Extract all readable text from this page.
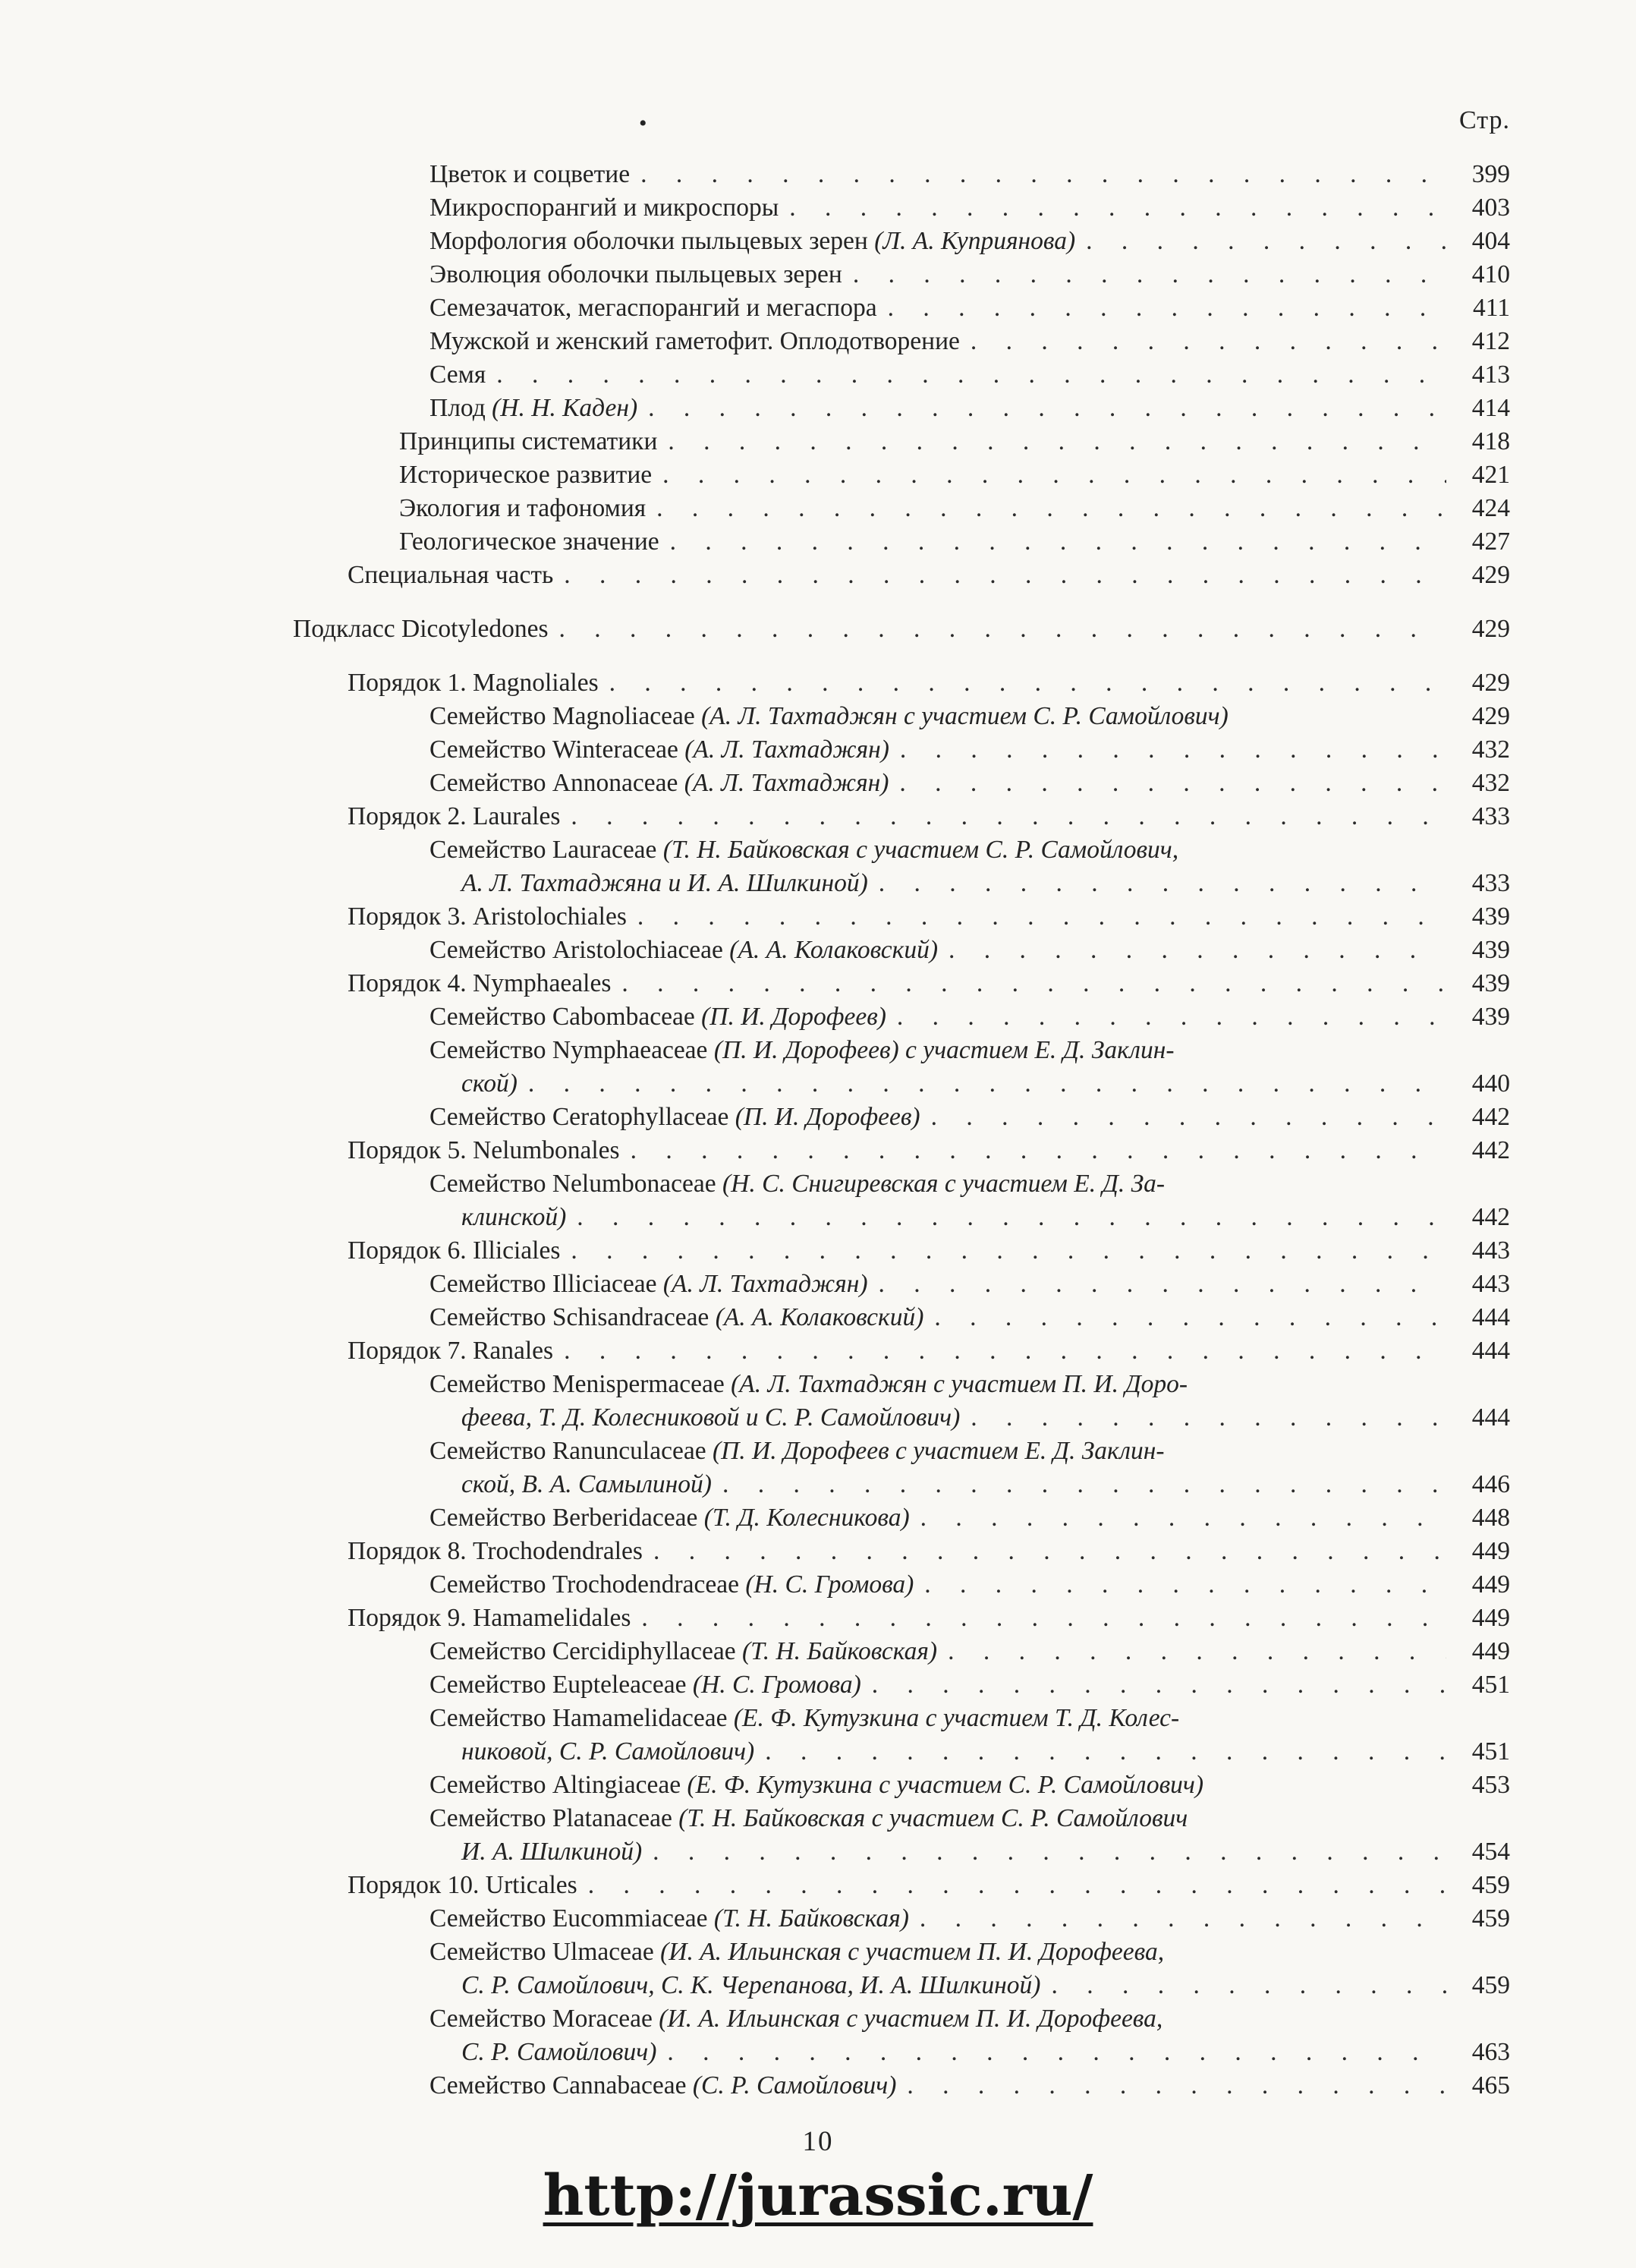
•	Стр.
Цветок и соцветие . . .	399
Микроспорангий и микроспоры . . .	403
Морфология оболочки пыльцевых зерен (Л. А. Куприянова) . . .	404
Эволюция оболочки пыльцевых зерен . . .	410
Семезачаток, мегаспорангий и мегаспора . . .	411
Мужской и женский гаметофит. Оплодотворение . . .	412
Семя . . .	413
Плод (Н. Н. Каден) . . .	414
Принципы систематики . . .	418
Историческое развитие . . .	421
Экология и тафономия . . .	424
Геологическое значение . . .	427
Специальная часть . . .	429
Подкласс Dicotyledones . . .	429
Порядок 1. Magnoliales . . .	429
Семейство Magnoliaceae (А. Л. Тахтаджян с участием С. Р. Самойлович)	429
Семейство Winteraceae (А. Л. Тахтаджян) . . .	432
Семейство Annonaceae (А. Л. Тахтаджян) . . .	432
Порядок 2. Laurales . . .	433
Семейство Lauraceae (Т. Н. Байковская с участием С. Р. Самойлович,
А. Л. Тахтаджяна и И. А. Шилкиной) . . .	433
Порядок 3. Aristolochiales . . .	439
Семейство Aristolochiaceae (А. А. Колаковский) . . .	439
Порядок 4. Nymphaeales . . .	439
Семейство Cabombaceae (П. И. Дорофеев) . . .	439
Семейство Nymphaeaceae (П. И. Дорофеев) с участием Е. Д. Заклин-
ской) . . .	440
Семейство Ceratophyllaceae (П. И. Дорофеев) . . .	442
Порядок 5. Nelumbonales . . .	442
Семейство Nelumbonaceae (Н. С. Снигиревская с участием Е. Д. За-
клинской) . . .	442
Порядок 6. Illiciales . . .	443
Семейство Illiciaceae (А. Л. Тахтаджян) . . .	443
Семейство Schisandraceae (А. А. Колаковский) . . .	444
Порядок 7. Ranales . . .	444
Семейство Menispermaceae (А. Л. Тахтаджян с участием П. И. Доро-
феева, Т. Д. Колесниковой и С. Р. Самойлович) . . .	444
Семейство Ranunculaceae (П. И. Дорофеев с участием Е. Д. Заклин-
ской, В. А. Самылиной) . . .	446
Семейство Berberidaceae (Т. Д. Колесникова) . . .	448
Порядок 8. Trochodendrales . . .	449
Семейство Trochodendraceae (Н. С. Громова) . . .	449
Порядок 9. Hamamelidales . . .	449
Семейство Cercidiphyllaceae (Т. Н. Байковская) . . .	449
Семейство Eupteleaceae (Н. С. Громова) . . .	451
Семейство Hamamelidaceae (Е. Ф. Кутузкина с участием Т. Д. Колес-
никовой, С. Р. Самойлович) . . .	451
Семейство Altingiaceae (Е. Ф. Кутузкина с участием С. Р. Самойлович)	453
Семейство Platanaceae (Т. Н. Байковская с участием С. Р. Самойлович
И. А. Шилкиной) . . .	454
Порядок 10. Urticales . . .	459
Семейство Eucommiaceae (Т. Н. Байковская) . . .	459
Семейство Ulmaceae (И. А. Ильинская с участием П. И. Дорофеева,
С. Р. Самойлович, С. К. Черепанова, И. А. Шилкиной) . . .	459
Семейство Moraceae (И. А. Ильинская с участием П. И. Дорофеева,
С. Р. Самойлович) . . .	463
Семейство Cannabaceae (С. Р. Самойлович) . . .	465
10
http://jurassic.ru/
